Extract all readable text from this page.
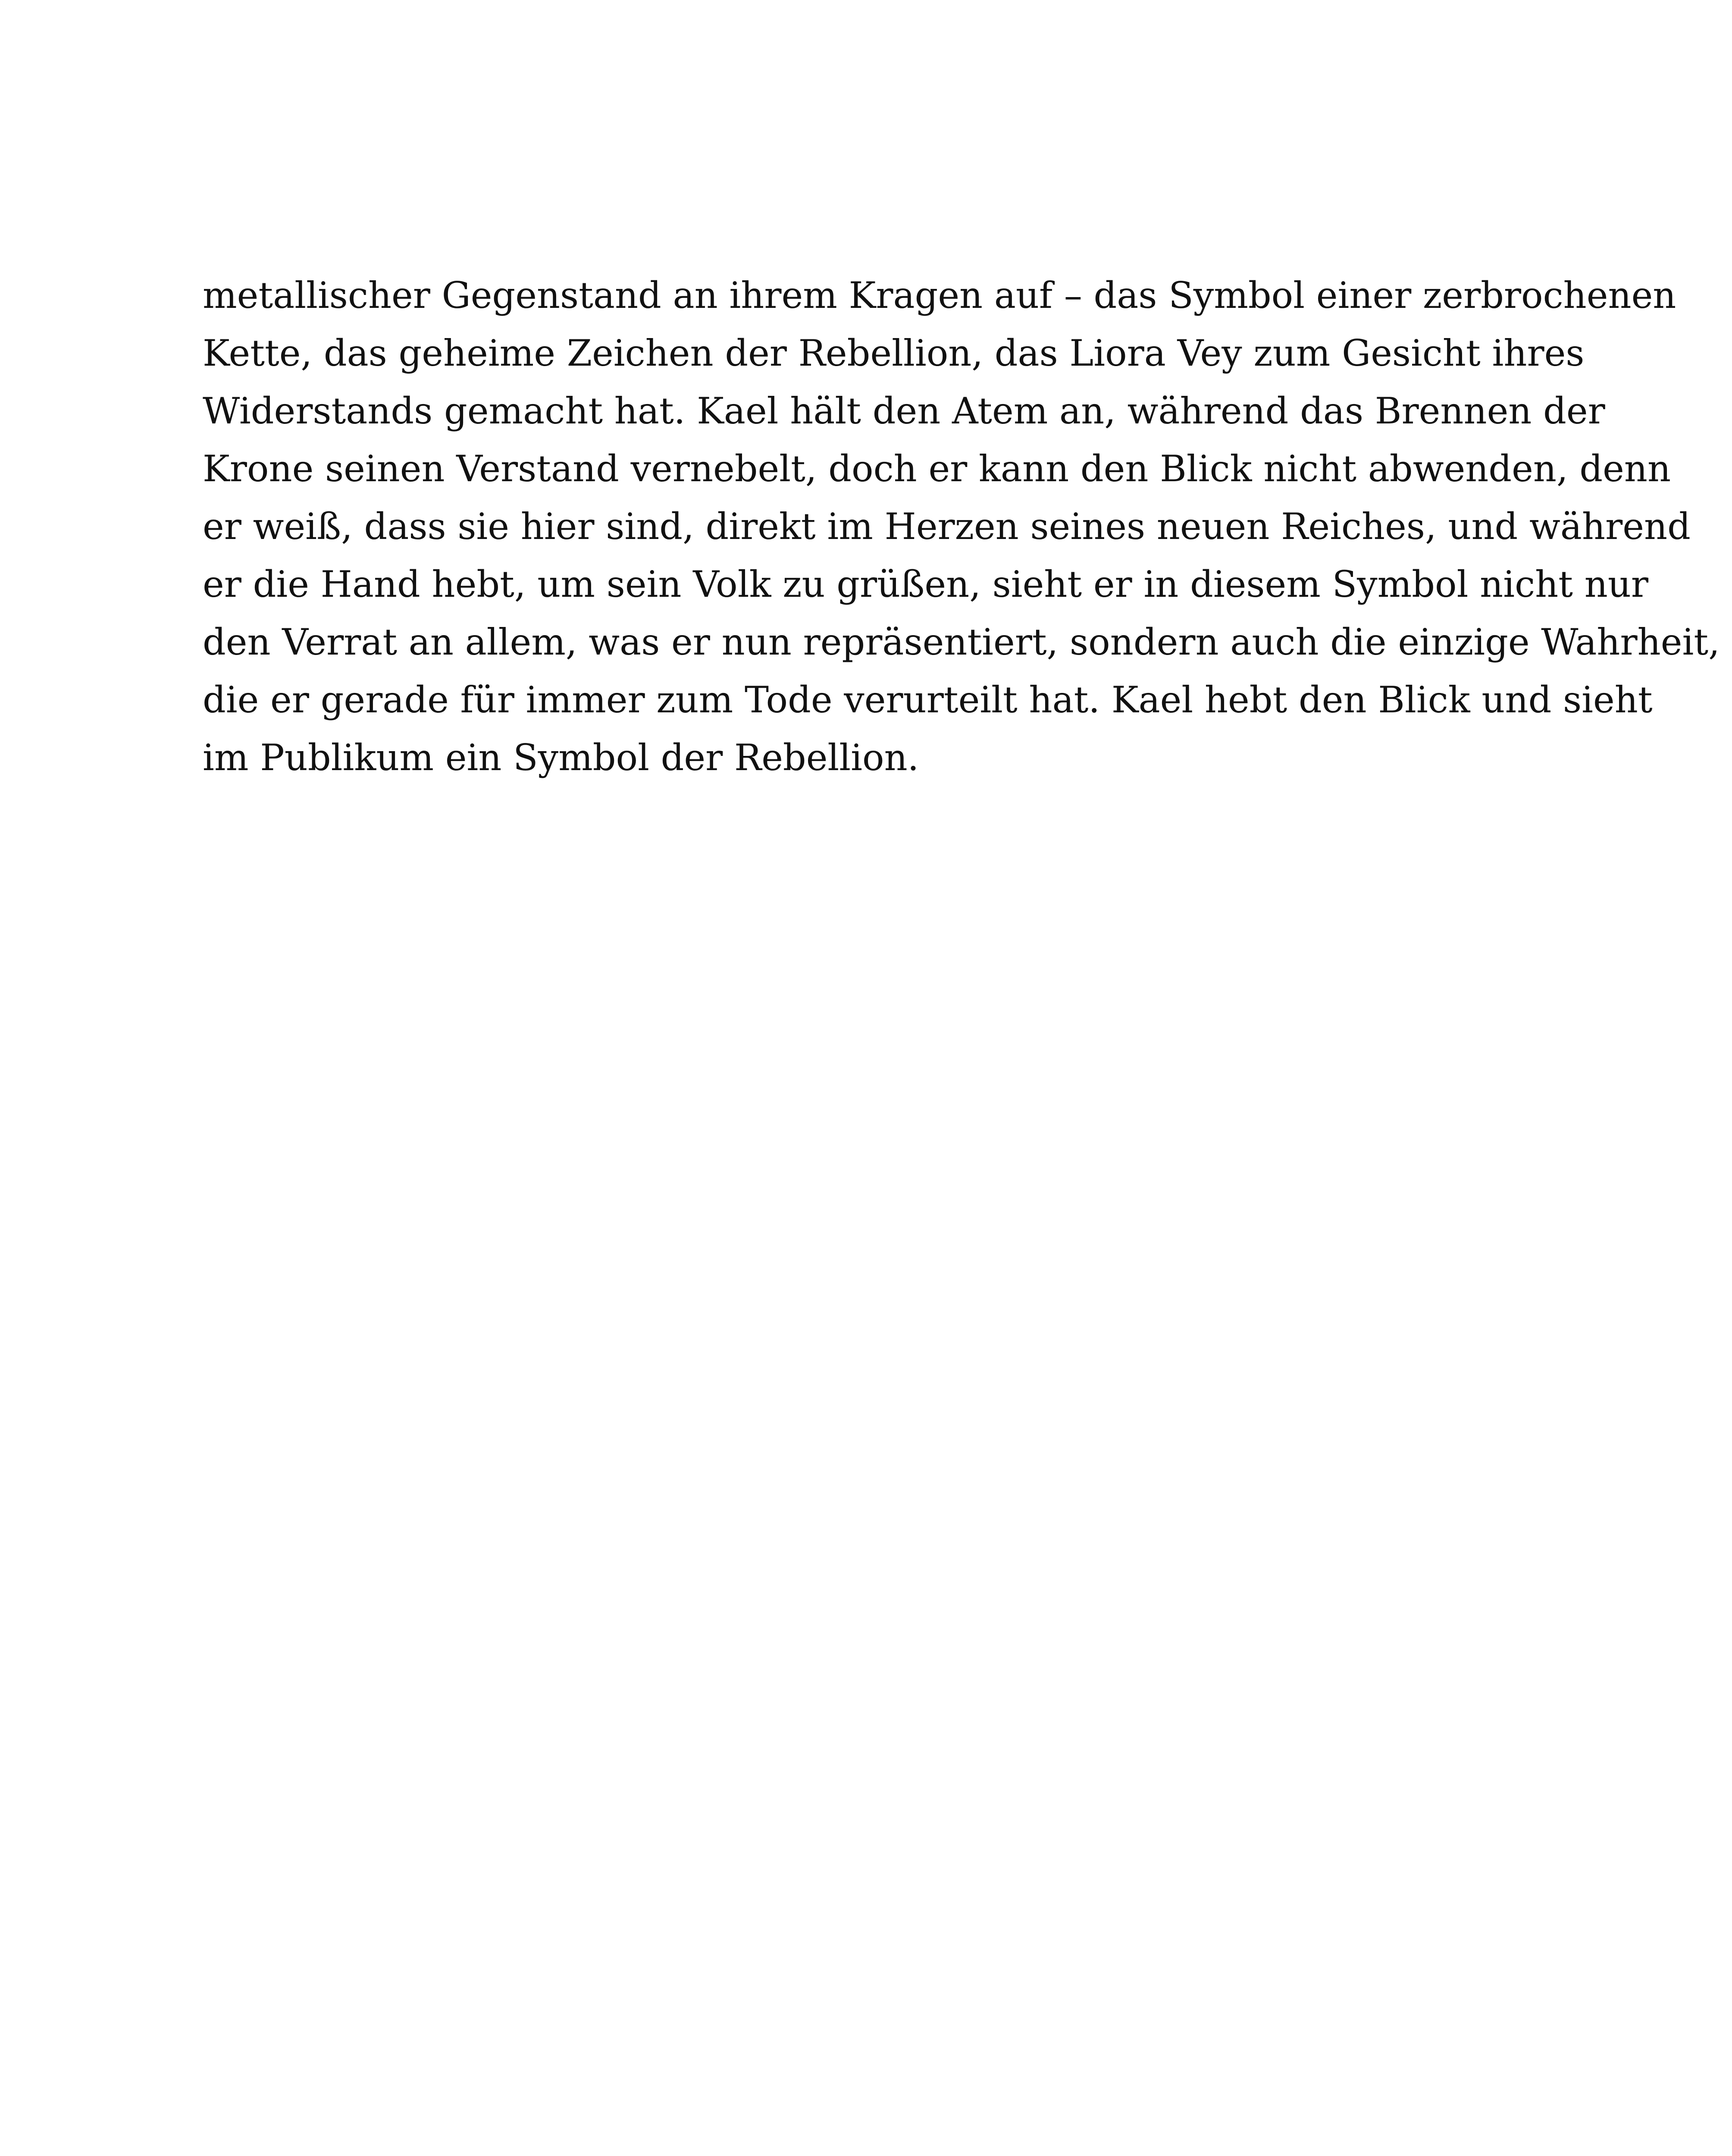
metallischer Gegenstand an ihrem Kragen auf – das Symbol einer zerbrochenen
Kette, das geheime Zeichen der Rebellion, das Liora Vey zum Gesicht ihres
Widerstands gemacht hat. Kael hält den Atem an, während das Brennen der
Krone seinen Verstand vernebelt, doch er kann den Blick nicht abwenden, denn
er weiß, dass sie hier sind, direkt im Herzen seines neuen Reiches, und während
er die Hand hebt, um sein Volk zu grüßen, sieht er in diesem Symbol nicht nur
den Verrat an allem, was er nun repräsentiert, sondern auch die einzige Wahrheit,
die er gerade für immer zum Tode verurteilt hat. Kael hebt den Blick und sieht
im Publikum ein Symbol der Rebellion.
